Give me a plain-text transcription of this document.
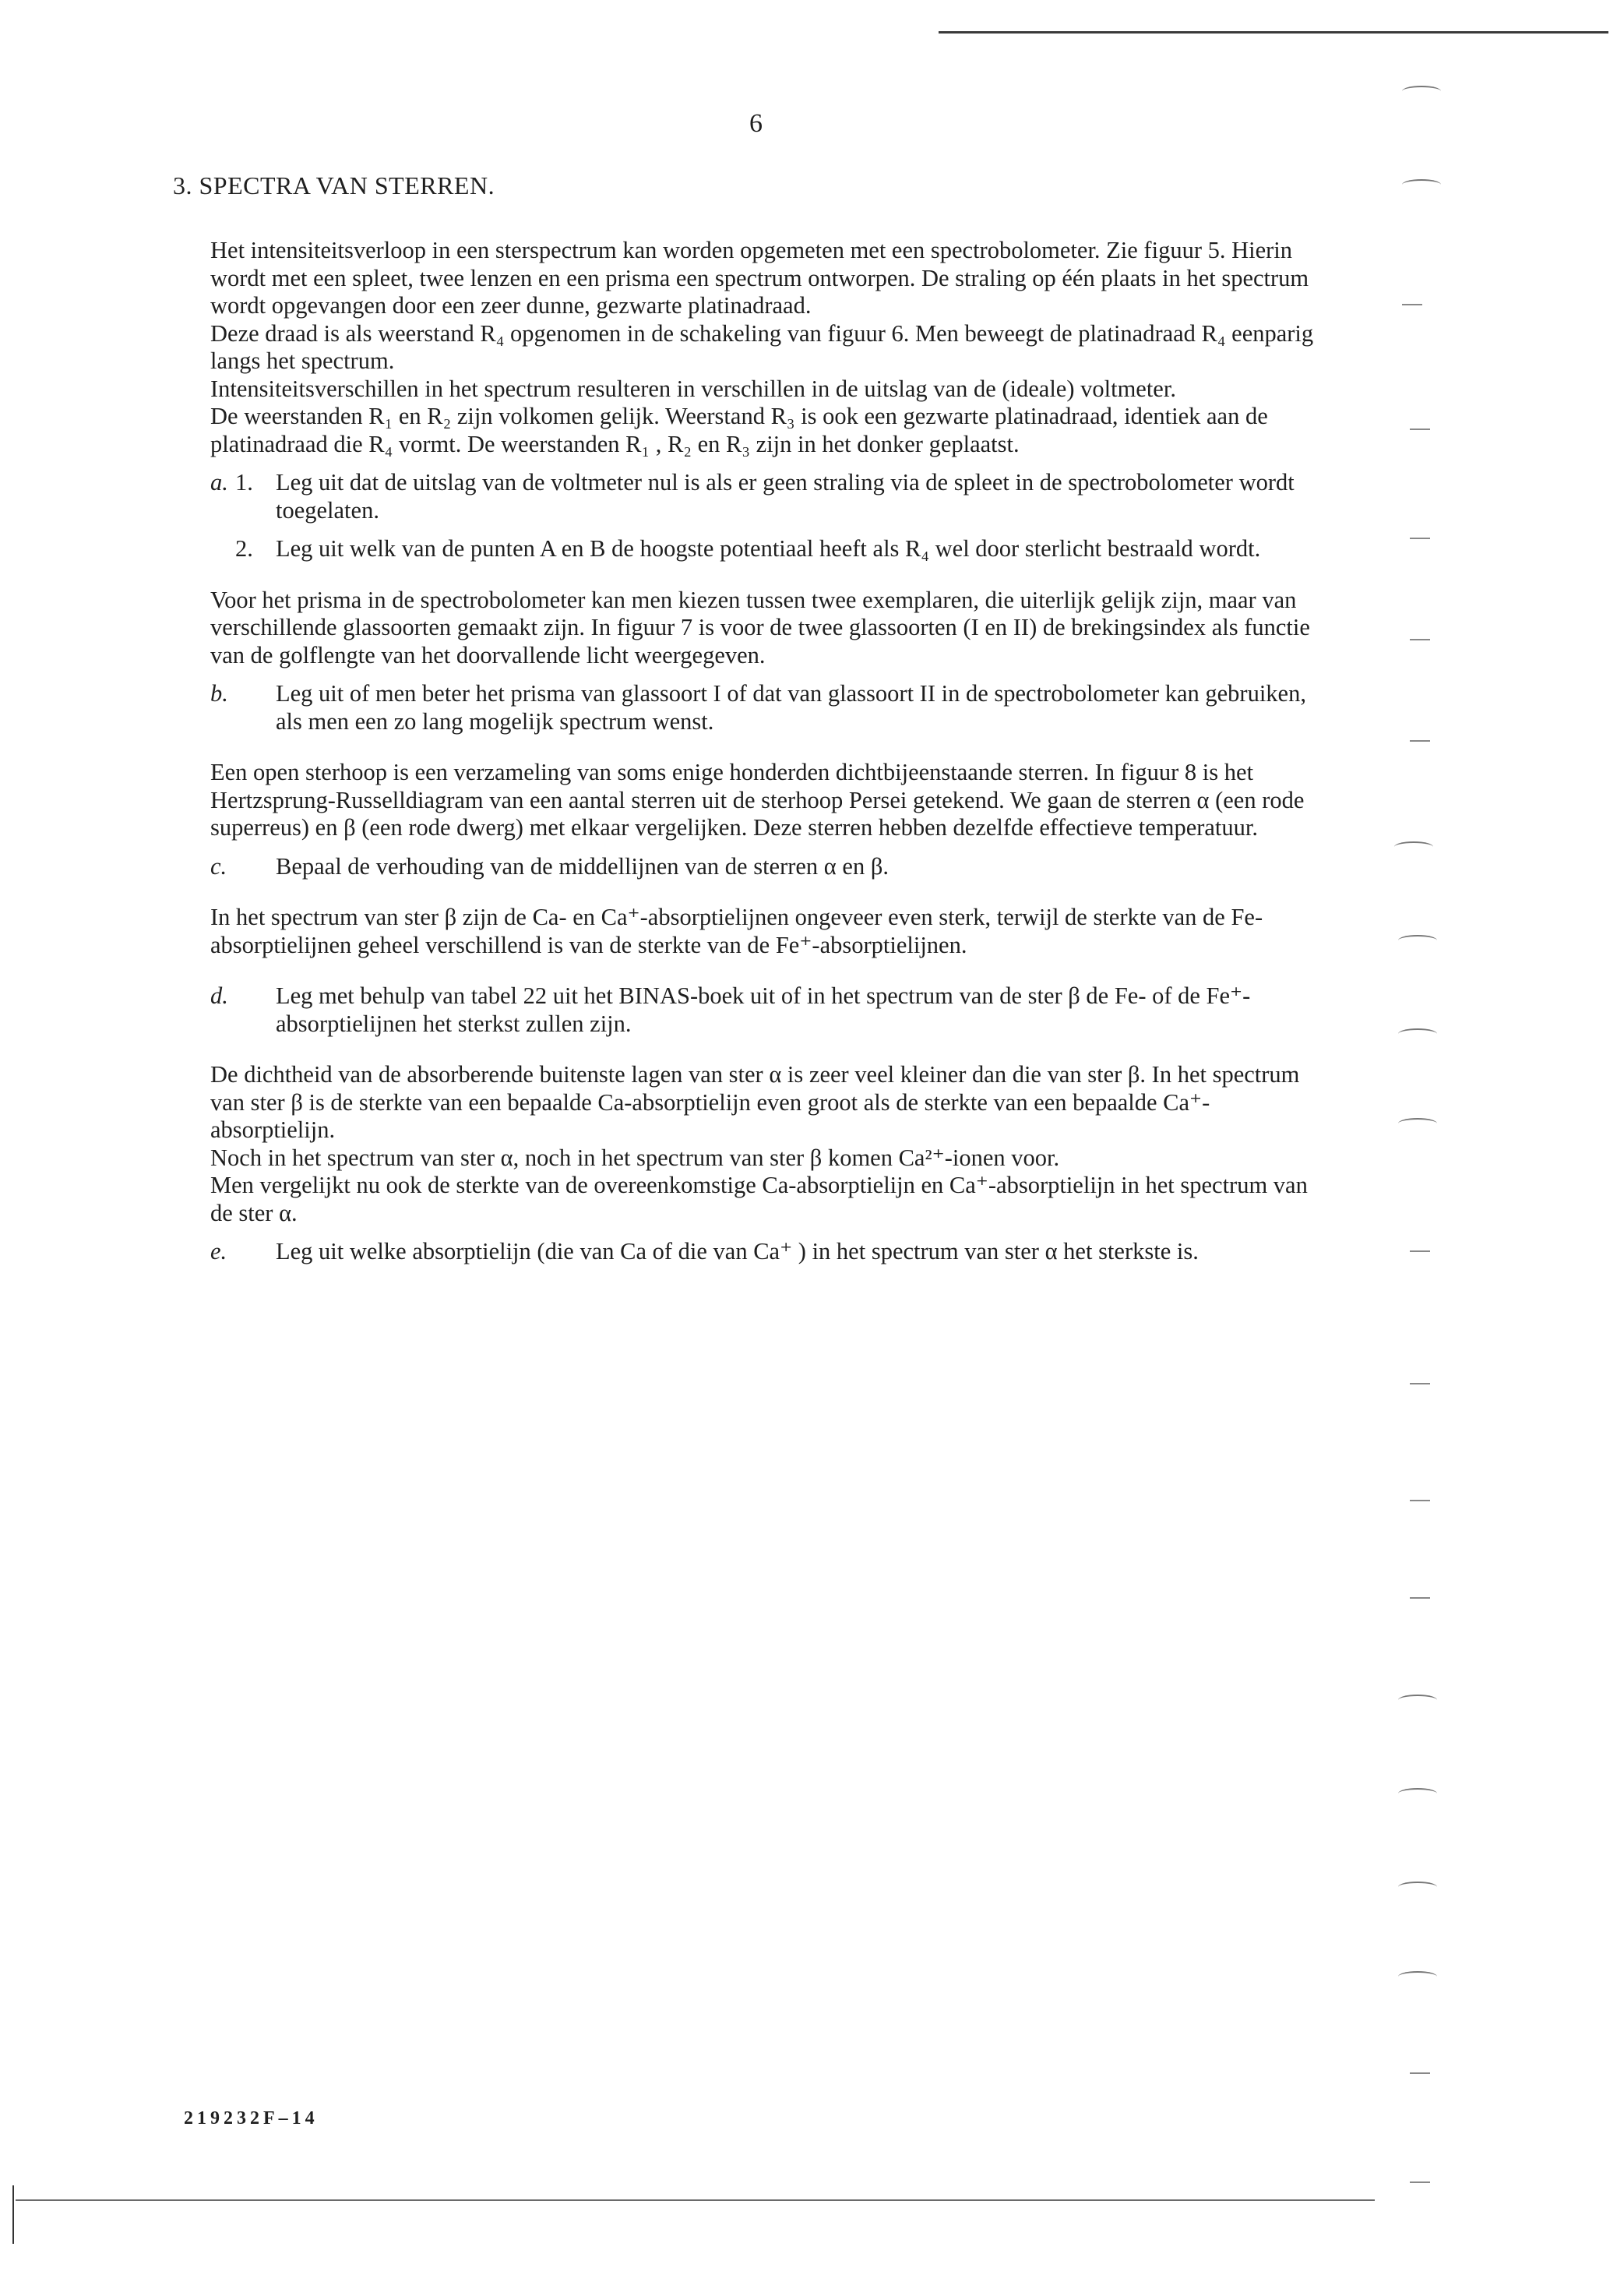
6
3. SPECTRA VAN STERREN.

Het intensiteitsverloop in een sterspectrum kan worden opgemeten met een spectrobolometer. Zie figuur 5. Hierin wordt met een spleet, twee lenzen en een prisma een spectrum ontworpen. De straling op één plaats in het spectrum wordt opgevangen door een zeer dunne, gezwarte platinadraad.

Deze draad is als weerstand R₄ opgenomen in de schakeling van figuur 6. Men beweegt de platinadraad R₄ eenparig langs het spectrum.

Intensiteitsverschillen in het spectrum resulteren in verschillen in de uitslag van de (ideale) voltmeter.

De weerstanden R₁ en R₂ zijn volkomen gelijk. Weerstand R₃ is ook een gezwarte platinadraad, identiek aan de platinadraad die R₄ vormt. De weerstanden R₁ , R₂ en R₃ zijn in het donker geplaatst.

a. 1. Leg uit dat de uitslag van de voltmeter nul is als er geen straling via de spleet in de spectrobolometer wordt toegelaten.
2. Leg uit welk van de punten A en B de hoogste potentiaal heeft als R₄ wel door sterlicht bestraald wordt.

Voor het prisma in de spectrobolometer kan men kiezen tussen twee exemplaren, die uiterlijk gelijk zijn, maar van verschillende glassoorten gemaakt zijn. In figuur 7 is voor de twee glassoorten (I en II) de brekingsindex als functie van de golflengte van het doorvallende licht weergegeven.

b. Leg uit of men beter het prisma van glassoort I of dat van glassoort II in de spectrobolometer kan gebruiken, als men een zo lang mogelijk spectrum wenst.

Een open sterhoop is een verzameling van soms enige honderden dichtbijeenstaande sterren. In figuur 8 is het Hertzsprung-Russelldiagram van een aantal sterren uit de sterhoop Persei getekend. We gaan de sterren α (een rode superreus) en β (een rode dwerg) met elkaar vergelijken. Deze sterren hebben dezelfde effectieve temperatuur.

c. Bepaal de verhouding van de middellijnen van de sterren α en β.

In het spectrum van ster β zijn de Ca- en Ca⁺-absorptielijnen ongeveer even sterk, terwijl de sterkte van de Fe-absorptielijnen geheel verschillend is van de sterkte van de Fe⁺-absorptielijnen.

d. Leg met behulp van tabel 22 uit het BINAS-boek uit of in het spectrum van de ster β de Fe- of de Fe⁺-absorptielijnen het sterkst zullen zijn.

De dichtheid van de absorberende buitenste lagen van ster α is zeer veel kleiner dan die van ster β. In het spectrum van ster β is de sterkte van een bepaalde Ca-absorptielijn even groot als de sterkte van een bepaalde Ca⁺-absorptielijn.

Noch in het spectrum van ster α, noch in het spectrum van ster β komen Ca²⁺-ionen voor.

Men vergelijkt nu ook de sterkte van de overeenkomstige Ca-absorptielijn en Ca⁺-absorptielijn in het spectrum van de ster α.

e. Leg uit welke absorptielijn (die van Ca of die van Ca⁺ ) in het spectrum van ster α het sterkste is.
219232F–14
